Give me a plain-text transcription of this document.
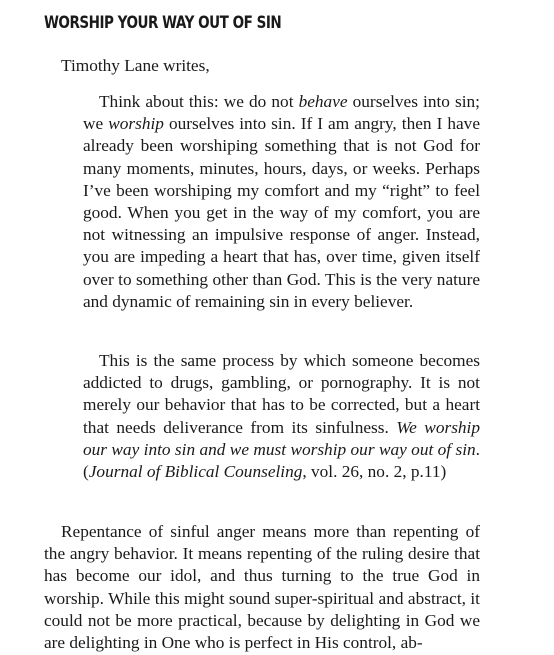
WORSHIP YOUR WAY OUT OF SIN
Timothy Lane writes,

Think about this: we do not behave ourselves into sin; we worship ourselves into sin. If I am angry, then I have already been worshiping something that is not God for many moments, minutes, hours, days, or weeks. Perhaps I’ve been worshiping my comfort and my “right” to feel good. When you get in the way of my comfort, you are not witnessing an impulsive response of anger. Instead, you are impeding a heart that has, over time, given itself over to something other than God. This is the very nature and dynamic of remaining sin in every believer.

This is the same process by which someone becomes addicted to drugs, gambling, or pornography. It is not merely our behavior that has to be corrected, but a heart that needs deliverance from its sinfulness. We worship our way into sin and we must worship our way out of sin. (Journal of Biblical Counseling, vol. 26, no. 2, p.11)

Repentance of sinful anger means more than repenting of the angry behavior. It means repenting of the ruling desire that has become our idol, and thus turning to the true God in worship. While this might sound super-spiritual and abstract, it could not be more practical, because by delighting in God we are delighting in One who is perfect in His control, ab-
